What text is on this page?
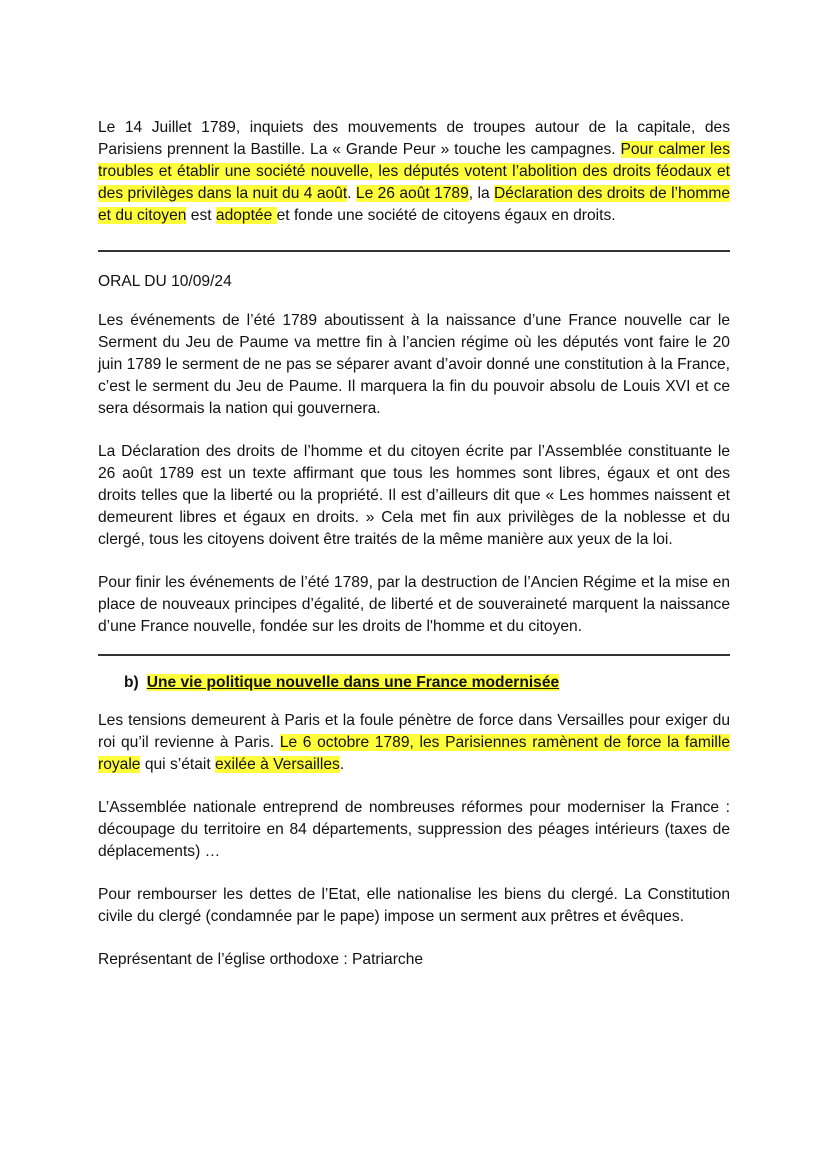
Le 14 Juillet 1789, inquiets des mouvements de troupes autour de la capitale, des Parisiens prennent la Bastille. La « Grande Peur » touche les campagnes. Pour calmer les troubles et établir une société nouvelle, les députés votent l’abolition des droits féodaux et des privilèges dans la nuit du 4 août. Le 26 août 1789, la Déclaration des droits de l’homme et du citoyen est adoptée et fonde une société de citoyens égaux en droits.

ORAL DU 10/09/24

Les événements de l’été 1789 aboutissent à la naissance d’une France nouvelle car le Serment du Jeu de Paume va mettre fin à l’ancien régime où les députés vont faire le 20 juin 1789 le serment de ne pas se séparer avant d’avoir donné une constitution à la France, c’est le serment du Jeu de Paume. Il marquera la fin du pouvoir absolu de Louis XVI et ce sera désormais la nation qui gouvernera.

La Déclaration des droits de l’homme et du citoyen écrite par l’Assemblée constituante le 26 août 1789 est un texte affirmant que tous les hommes sont libres, égaux et ont des droits telles que la liberté ou la propriété. Il est d’ailleurs dit que « Les hommes naissent et demeurent libres et égaux en droits. » Cela met fin aux privilèges de la noblesse et du clergé, tous les citoyens doivent être traités de la même manière aux yeux de la loi.

Pour finir les événements de l’été 1789, par la destruction de l’Ancien Régime et la mise en place de nouveaux principes d’égalité, de liberté et de souveraineté marquent la naissance d’une France nouvelle, fondée sur les droits de l'homme et du citoyen.

b) Une vie politique nouvelle dans une France modernisée

Les tensions demeurent à Paris et la foule pénètre de force dans Versailles pour exiger du roi qu’il revienne à Paris. Le 6 octobre 1789, les Parisiennes ramènent de force la famille royale qui s’était exilée à Versailles.

L’Assemblée nationale entreprend de nombreuses réformes pour moderniser la France : découpage du territoire en 84 départements, suppression des péages intérieurs (taxes de déplacements) …

Pour rembourser les dettes de l’Etat, elle nationalise les biens du clergé. La Constitution civile du clergé (condamnée par le pape) impose un serment aux prêtres et évêques.

Représentant de l’église orthodoxe : Patriarche
